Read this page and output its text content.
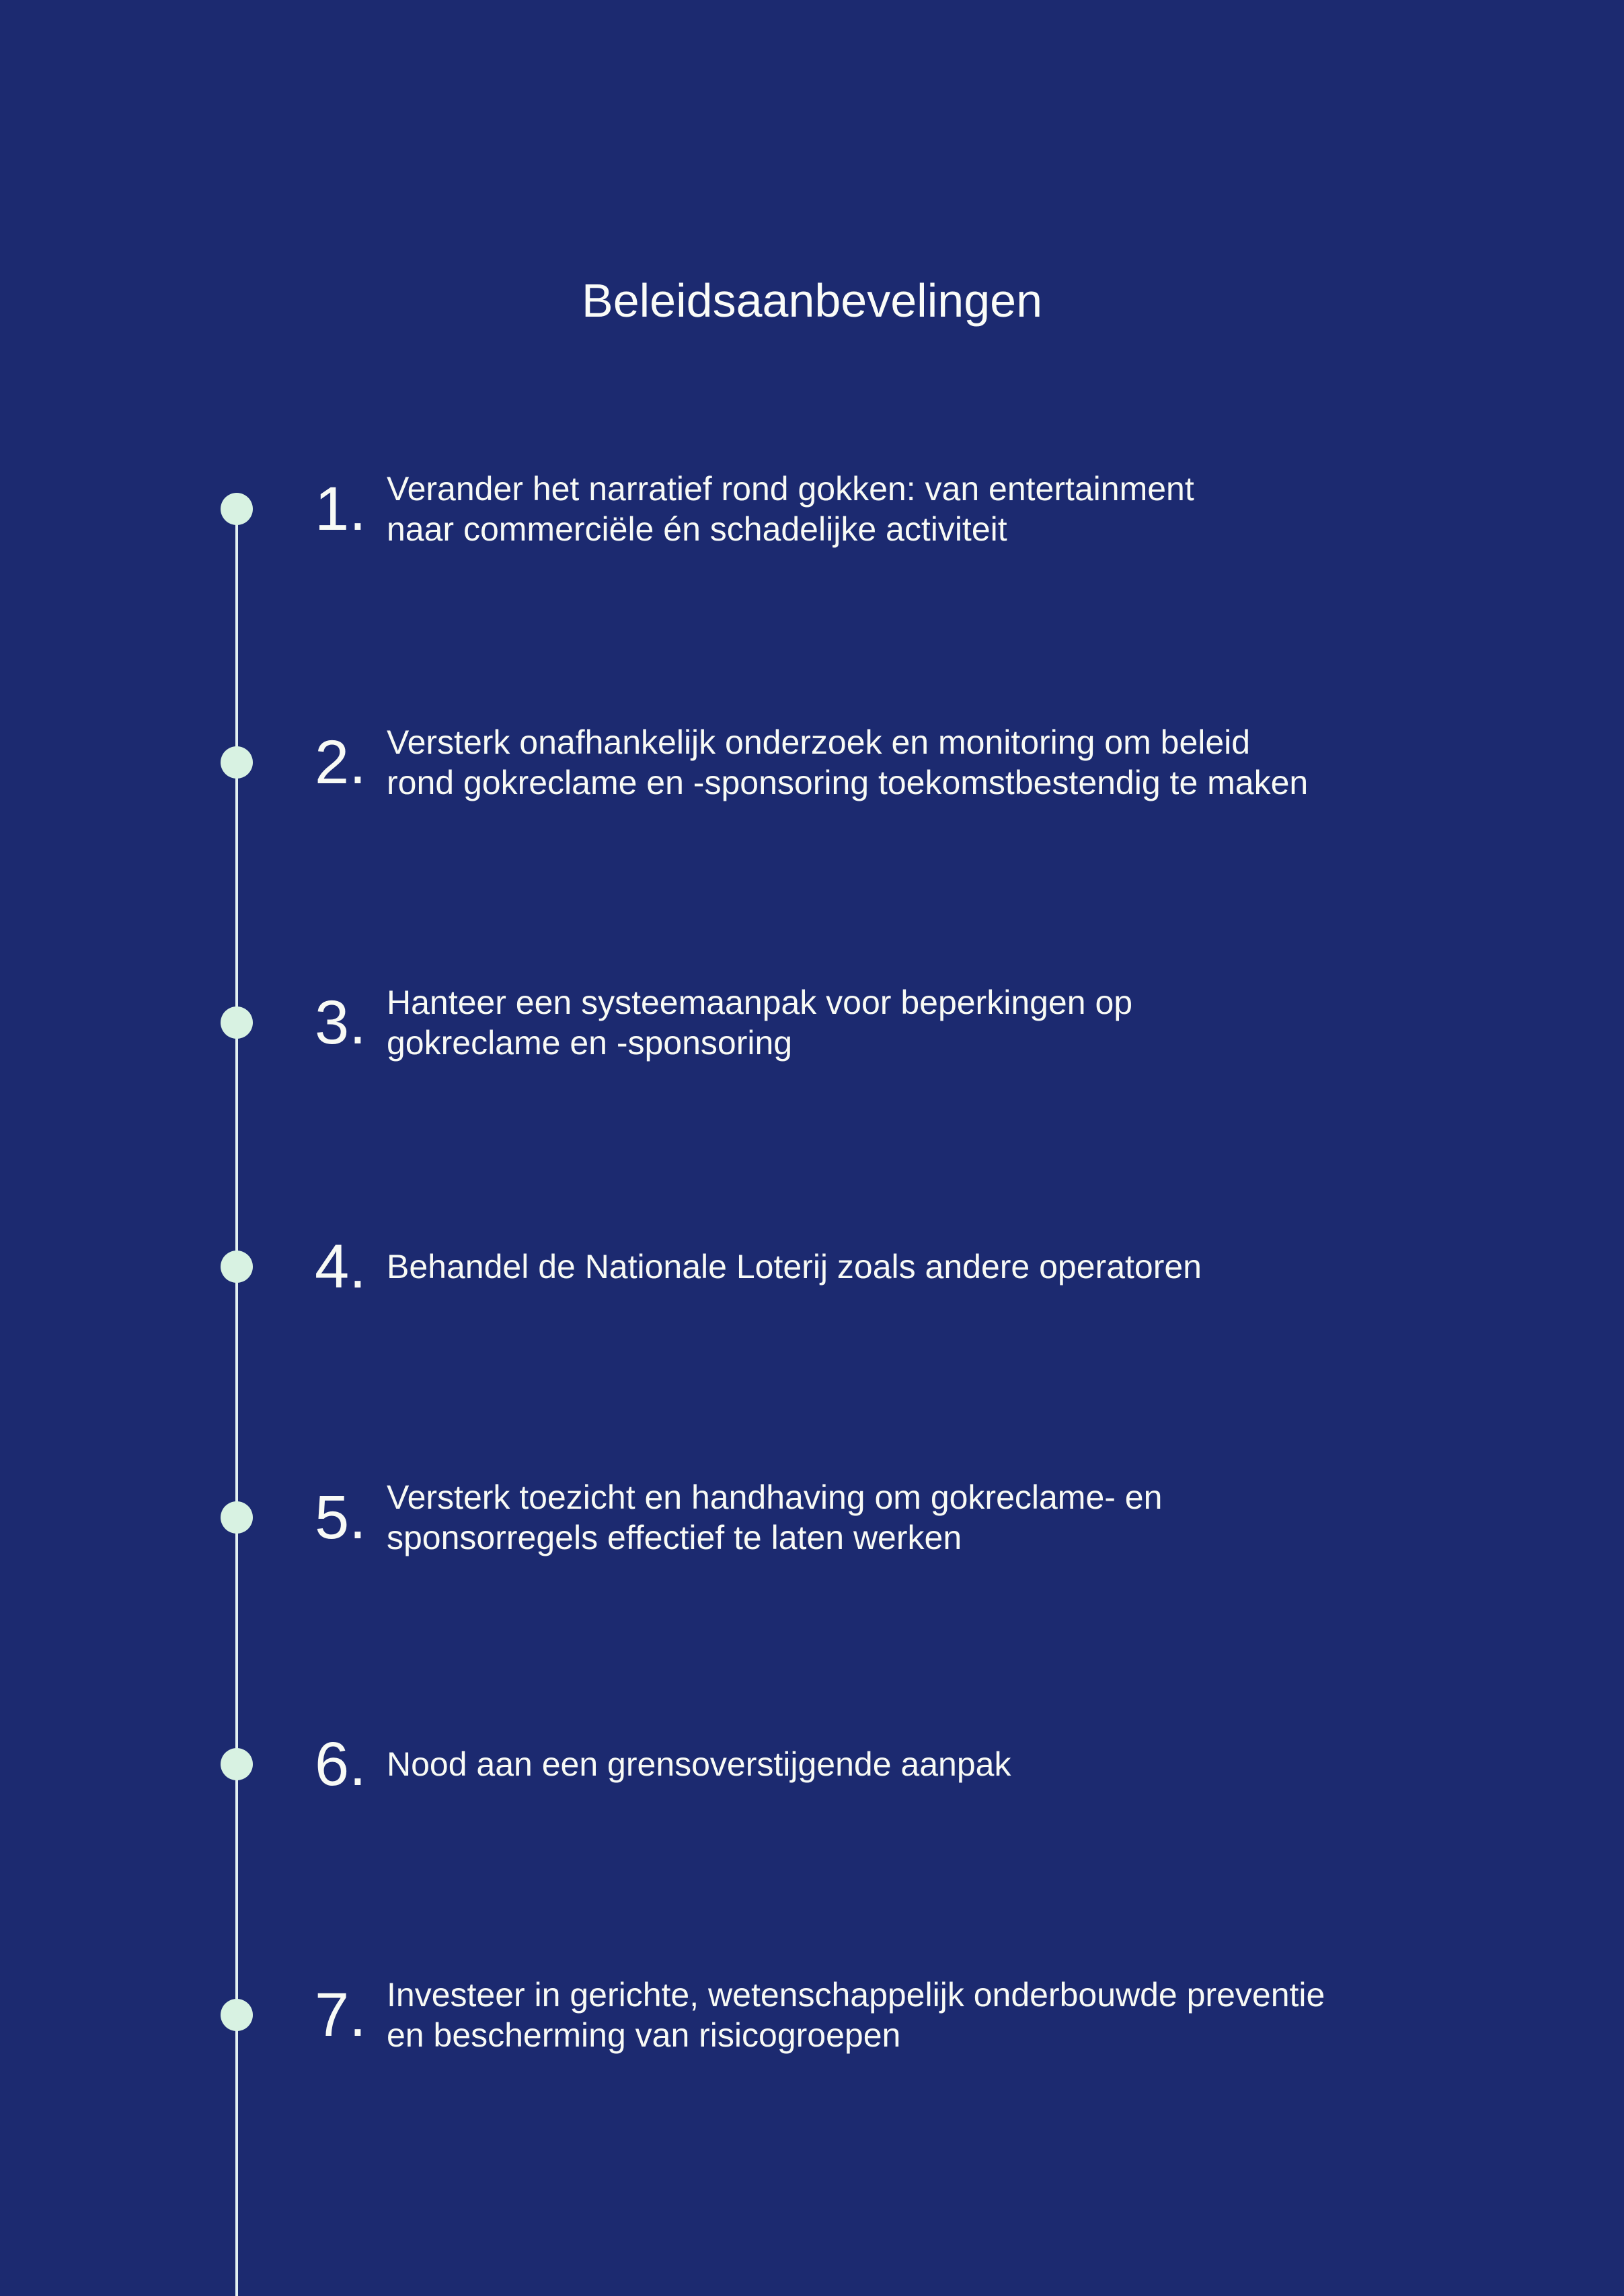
Beleidsaanbevelingen
1. Verander het narratief rond gokken: van entertainment
naar commerciële én schadelijke activiteit
2. Versterk onafhankelijk onderzoek en monitoring om beleid
rond gokreclame en -sponsoring toekomstbestendig te maken
3. Hanteer een systeemaanpak voor beperkingen op
gokreclame en -sponsoring
4. Behandel de Nationale Loterij zoals andere operatoren
5. Versterk toezicht en handhaving om gokreclame- en
sponsorregels effectief te laten werken
6. Nood aan een grensoverstijgende aanpak
7. Investeer in gerichte, wetenschappelijk onderbouwde preventie
en bescherming van risicogroepen
